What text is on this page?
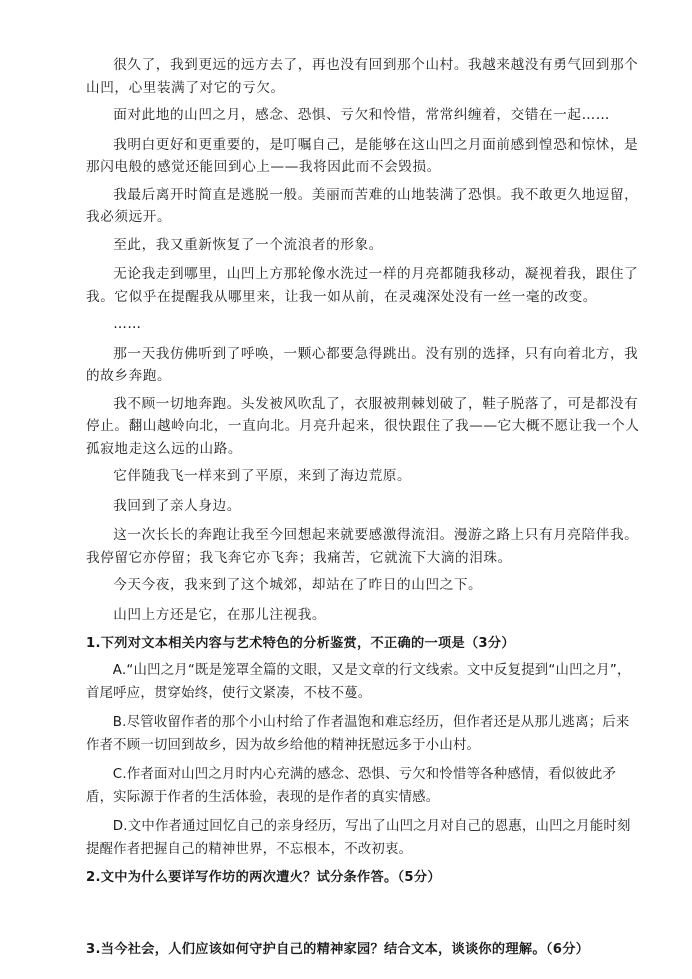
很久了，我到更远的远方去了，再也没有回到那个山村。我越来越没有勇气回到那个山凹，心里装满了对它的亏欠。

面对此地的山凹之月，感念、恐惧、亏欠和怜惜，常常纠缠着，交错在一起……

我明白更好和更重要的，是叮嘱自己，是能够在这山凹之月面前感到惶恐和惊怵，是那闪电般的感觉还能回到心上——我将因此而不会毁损。

我最后离开时简直是逃脱一般。美丽而苦难的山地装满了恐惧。我不敢更久地逗留，我必须远开。

至此，我又重新恢复了一个流浪者的形象。

无论我走到哪里，山凹上方那轮像水洗过一样的月亮都随我移动，凝视着我，跟住了我。它似乎在提醒我从哪里来，让我一如从前，在灵魂深处没有一丝一毫的改变。

……

那一天我仿佛听到了呼唤，一颗心都要急得跳出。没有别的选择，只有向着北方，我的故乡奔跑。

我不顾一切地奔跑。头发被风吹乱了，衣服被荆棘划破了，鞋子脱落了，可是都没有停止。翻山越岭向北，一直向北。月亮升起来，很快跟住了我——它大概不愿让我一个人孤寂地走这么远的山路。

它伴随我飞一样来到了平原，来到了海边荒原。

我回到了亲人身边。

这一次长长的奔跑让我至今回想起来就要感激得流泪。漫游之路上只有月亮陪伴我。我停留它亦停留；我飞奔它亦飞奔；我痛苦，它就流下大滴的泪珠。

今天今夜，我来到了这个城郊，却站在了昨日的山凹之下。

山凹上方还是它，在那儿注视我。

1.下列对文本相关内容与艺术特色的分析鉴赏，不正确的一项是（3分）

A.“山凹之月“既是笼罩全篇的文眼，又是文章的行文线索。文中反复提到“山凹之月”，首尾呼应，贯穿始终，使行文紧凑，不枝不蔓。

B.尽管收留作者的那个小山村给了作者温饱和难忘经历，但作者还是从那儿逃离；后来作者不顾一切回到故乡，因为故乡给他的精神抚慰远多于小山村。

C.作者面对山凹之月时内心充满的感念、恐惧、亏欠和怜惜等各种感情，看似彼此矛盾，实际源于作者的生活体验，表现的是作者的真实情感。

D.文中作者通过回忆自己的亲身经历，写出了山凹之月对自己的恩惠，山凹之月能时刻提醒作者把握自己的精神世界，不忘根本，不改初衷。

2.文中为什么要详写作坊的两次遭火？试分条作答。（5分）
3.当今社会，人们应该如何守护自己的精神家园？结合文本，谈谈你的理解。（6分）
